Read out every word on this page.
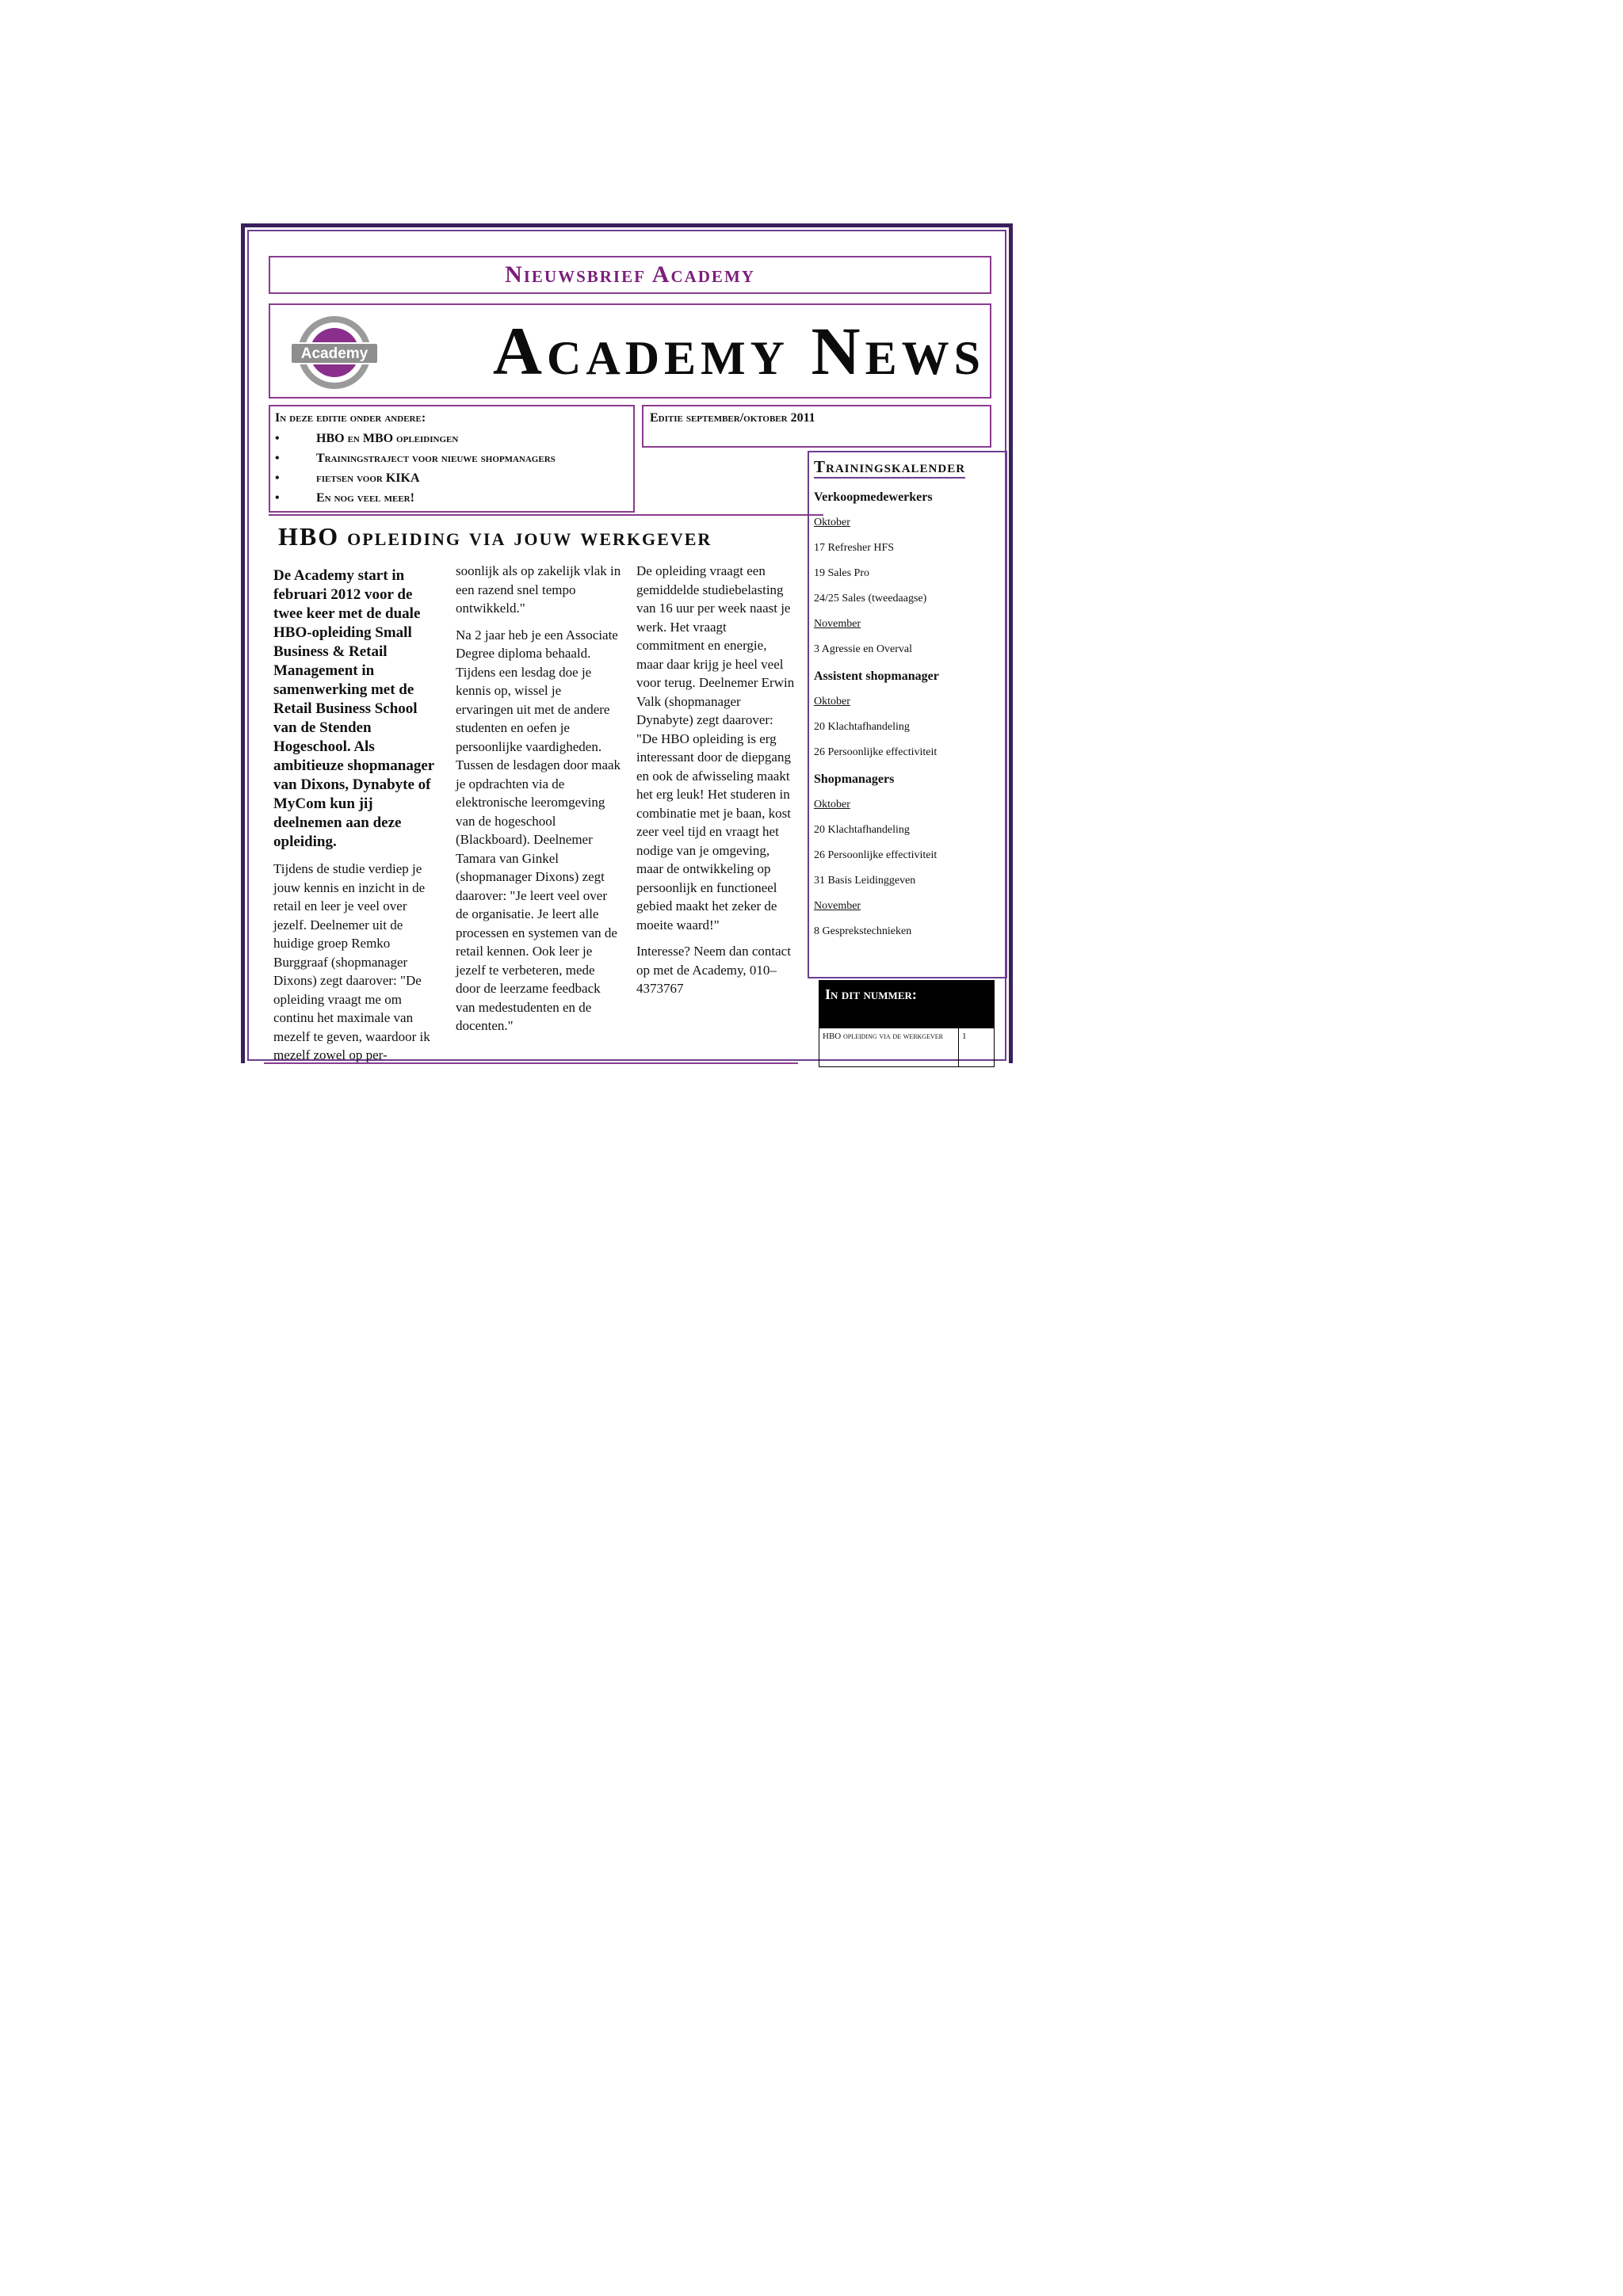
Nieuwsbrief Academy
Academy	Academy News
In deze editie onder andere:
• HBO en MBO opleidingen
• Trainingstraject voor nieuwe shopmanagers
• fietsen voor KIKA
• En nog veel meer!
Editie september/oktober 2011
HBO opleiding via jouw werkgever

De Academy start in februari 2012 voor de twee keer met de duale HBO-opleiding Small Business & Retail Management in samenwerking met de Retail Business School van de Stenden Hogeschool. Als ambitieuze shopmanager van Dixons, Dynabyte of MyCom kun jij deelnemen aan deze opleiding.

Tijdens de studie verdiep je jouw kennis en inzicht in de retail en leer je veel over jezelf. Deelnemer uit de huidige groep Remko Burggraaf (shopmanager Dixons) zegt daarover: "De opleiding vraagt me om continu het maximale van mezelf te geven, waardoor ik mezelf zowel op per-

soonlijk als op zakelijk vlak in een razend snel tempo ontwikkeld."

Na 2 jaar heb je een Associate Degree diploma behaald. Tijdens een lesdag doe je kennis op, wissel je ervaringen uit met de andere studenten en oefen je persoonlijke vaardigheden. Tussen de lesdagen door maak je opdrachten via de elektronische leeromgeving van de hogeschool (Blackboard). Deelnemer Tamara van Ginkel (shopmanager Dixons) zegt daarover: "Je leert veel over de organisatie. Je leert alle processen en systemen van de retail kennen. Ook leer je jezelf te verbeteren, mede door de leerzame feedback van medestudenten en de docenten."

De opleiding vraagt een gemiddelde studiebelasting van 16 uur per week naast je werk. Het vraagt commitment en energie, maar daar krijg je heel veel voor terug. Deelnemer Erwin Valk (shopmanager Dynabyte) zegt daarover: "De HBO opleiding is erg interessant door de diepgang en ook de afwisseling maakt het erg leuk! Het studeren in combinatie met je baan, kost zeer veel tijd en vraagt het nodige van je omgeving, maar de ontwikkeling op persoonlijk en functioneel gebied maakt het zeker de moeite waard!"

Interesse? Neem dan contact op met de Academy, 010–4373767

Trainingskalender
Verkoopmedewerkers
Oktober
17 Refresher HFS
19 Sales Pro
24/25 Sales (tweedaagse)
November
3 Agressie en Overval
Assistent shopmanager
Oktober
20 Klachtafhandeling
26 Persoonlijke effectiviteit
Shopmanagers
Oktober
20 Klachtafhandeling
26 Persoonlijke effectiviteit
31 Basis Leidinggeven
November
8 Gesprekstechnieken
In dit nummer:
HBO opleiding via de werkgever	1
